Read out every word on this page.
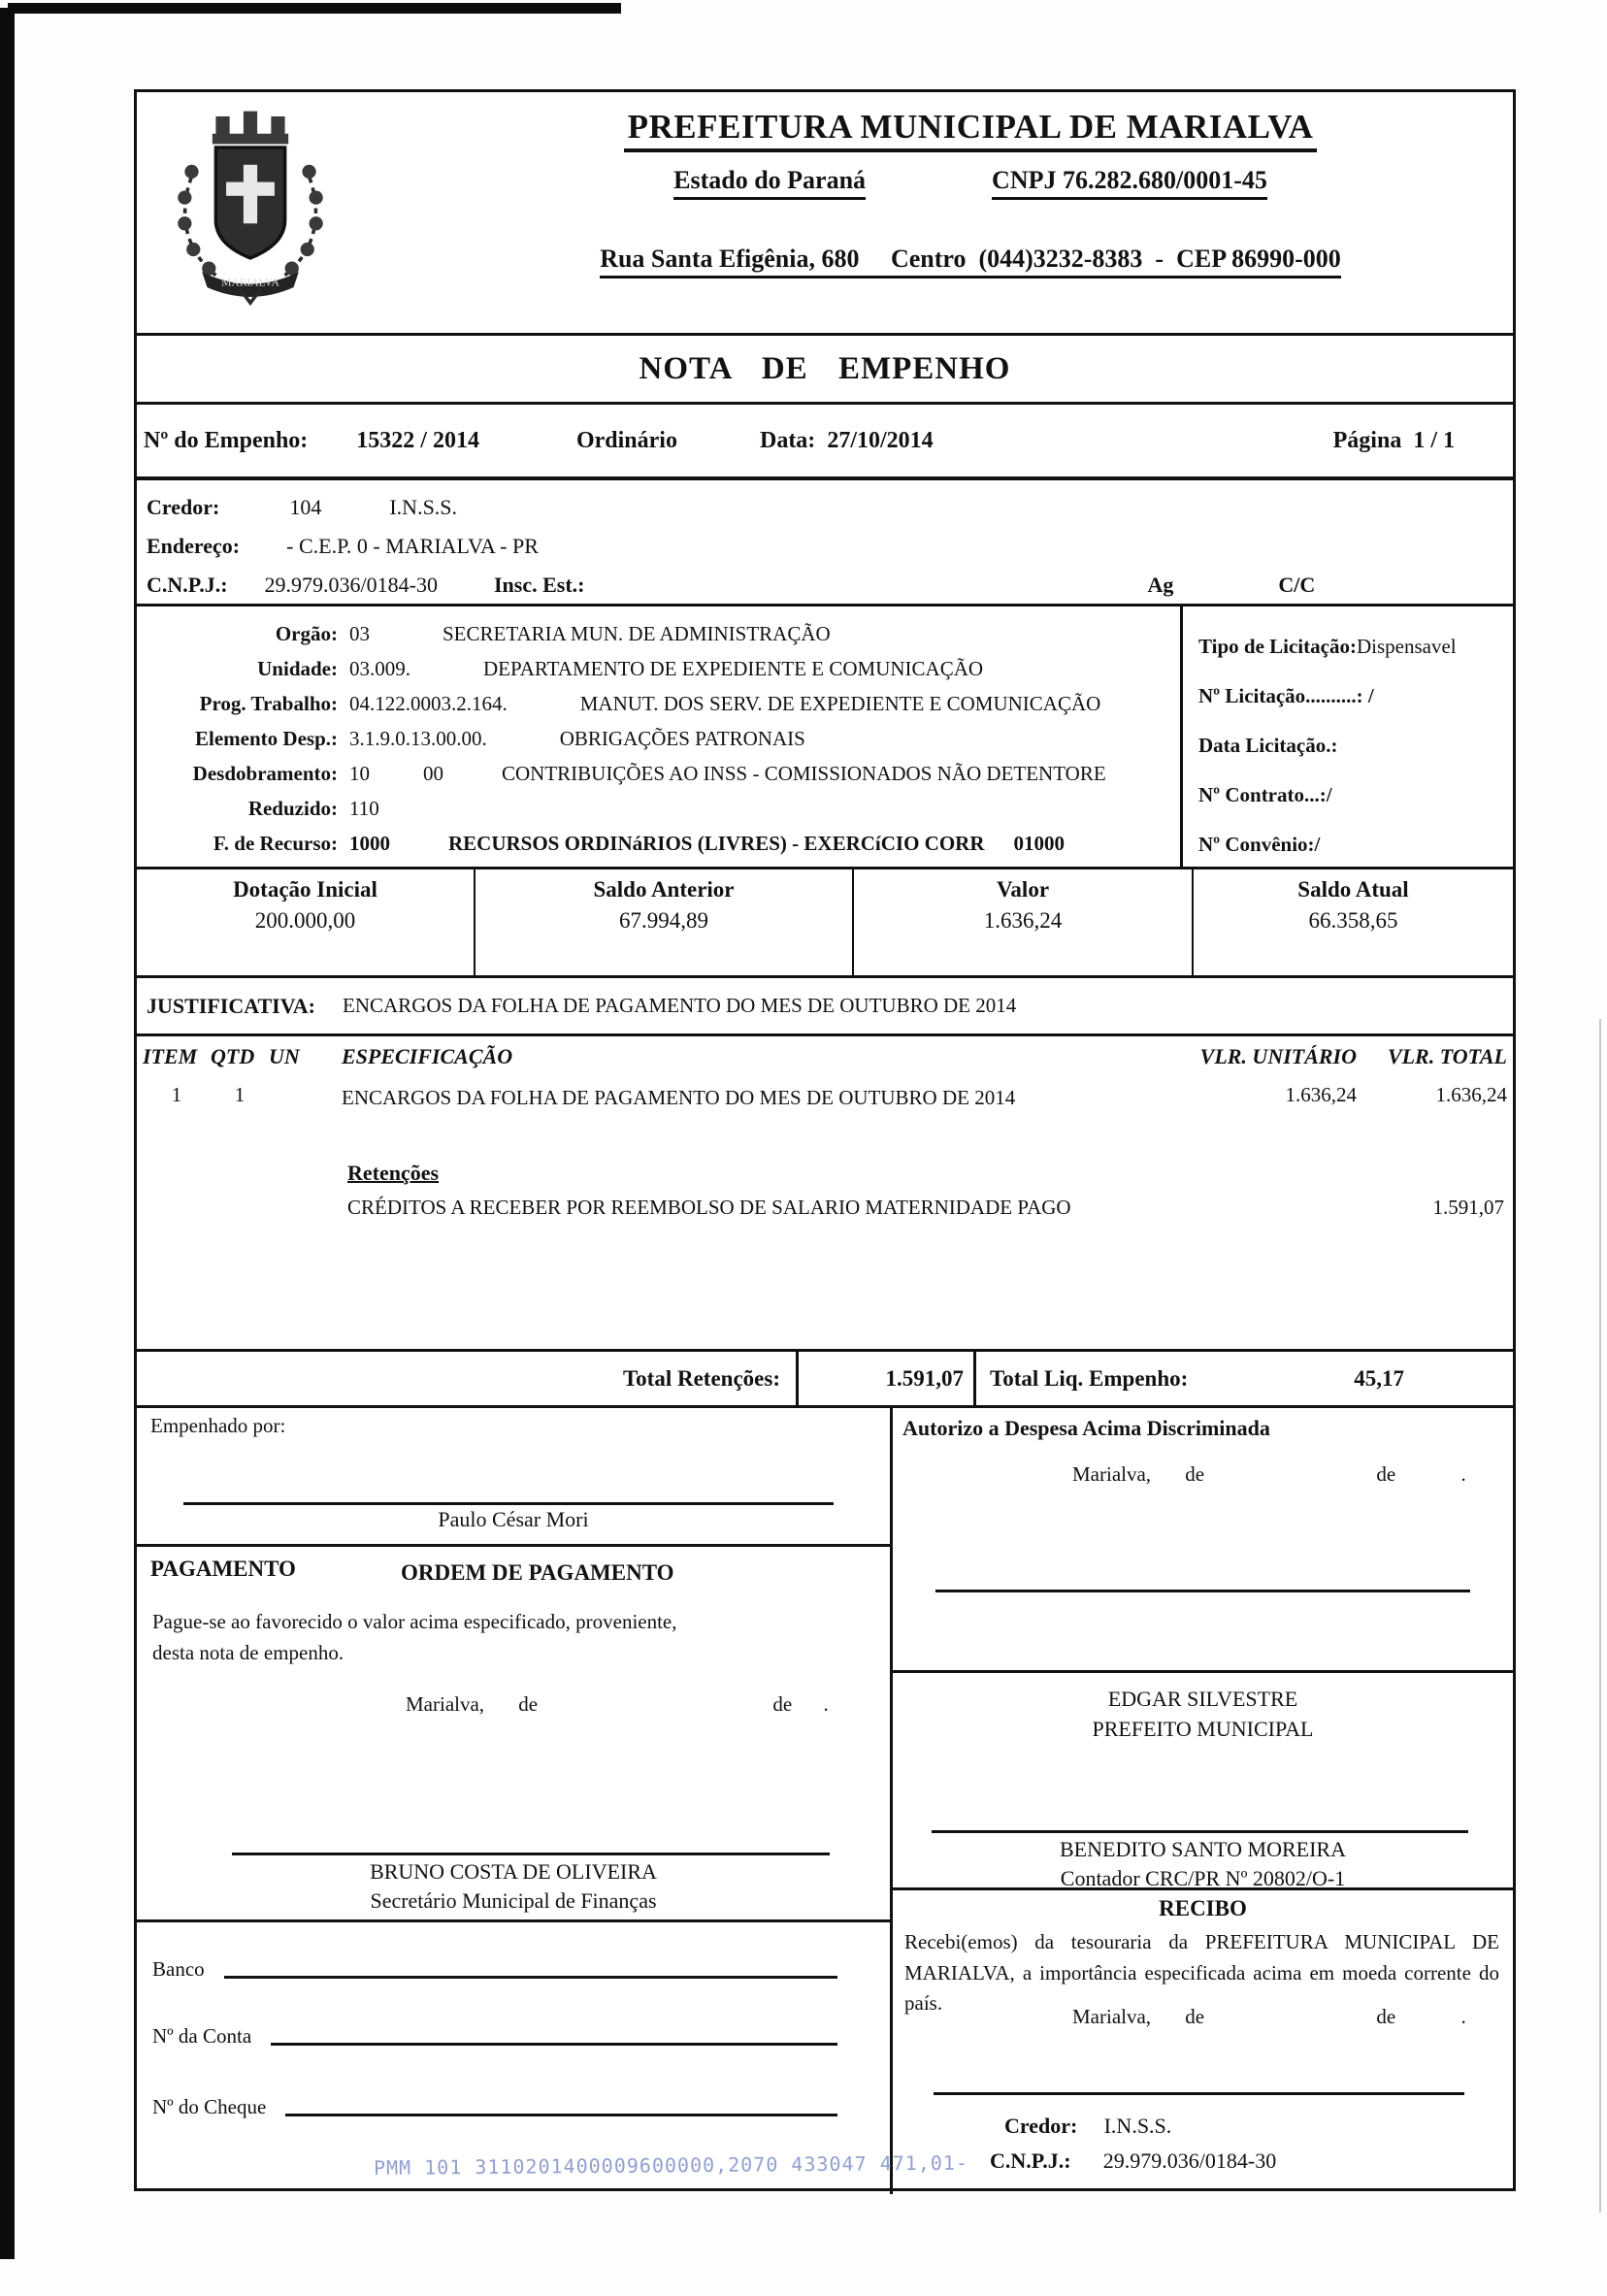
MARIALVA
PREFEITURA MUNICIPAL DE MARIALVA
Estado do Paraná	CNPJ 76.282.680/0001-45
Rua Santa Efigênia, 680     Centro  (044)3232-8383  -  CEP 86990-000
NOTA DE EMPENHO
Nº do Empenho: 15322 / 2014	Ordinário	Data: 27/10/2014	Página 1 / 1
Credor:	104	I.N.S.S.
Endereço: - C.E.P. 0 - MARIALVA - PR
C.N.P.J.: 29.979.036/0184-30	Insc. Est.:	Ag	C/C
Orgão: 03	SECRETARIA MUN. DE ADMINISTRAÇÃO
Unidade: 03.009.	DEPARTAMENTO DE EXPEDIENTE E COMUNICAÇÃO
Prog. Trabalho: 04.122.0003.2.164.	MANUT. DOS SERV. DE EXPEDIENTE E COMUNICAÇÃO
Elemento Desp.: 3.1.9.0.13.00.00.	OBRIGAÇÕES PATRONAIS
Desdobramento: 10	00	CONTRIBUIÇÕES AO INSS - COMISSIONADOS NÃO DETENTORE
Reduzido: 110
F. de Recurso: 1000	RECURSOS ORDINáRIOS (LIVRES) - EXERCíCIO CORR 01000
Tipo de Licitação:Dispensavel
Nº Licitação..........: /
Data Licitação.:
Nº Contrato...:/
Nº Convênio:/
Dotação Inicial
200.000,00
Saldo Anterior
67.994,89
Valor
1.636,24
Saldo Atual
66.358,65
JUSTIFICATIVA: ENCARGOS DA FOLHA DE PAGAMENTO DO MES DE OUTUBRO DE 2014
ITEM QTD UN	ESPECIFICAÇÃO	VLR. UNITÁRIO	VLR. TOTAL
1	1	ENCARGOS DA FOLHA DE PAGAMENTO DO MES DE OUTUBRO DE 2014	1.636,24	1.636,24
Retenções
CRÉDITOS A RECEBER POR REEMBOLSO DE SALARIO MATERNIDADE PAGO	1.591,07
Total Retenções:	1.591,07	Total Liq. Empenho:	45,17
Empenhado por:
Paulo César Mori
PAGAMENTO	ORDEM DE PAGAMENTO
Pague-se ao favorecido o valor acima especificado, proveniente, desta nota de empenho.
Marialva, de	de .
BRUNO COSTA DE OLIVEIRA
Secretário Municipal de Finanças
Banco
Nº da Conta
Nº do Cheque
Autorizo a Despesa Acima Discriminada
Marialva, de	de	.
EDGAR SILVESTRE
PREFEITO MUNICIPAL
BENEDITO SANTO MOREIRA
Contador CRC/PR Nº 20802/O-1
RECIBO
Recebi(emos) da tesouraria da PREFEITURA MUNICIPAL DE MARIALVA, a importância especificada acima em moeda corrente do país.
Marialva, de	de	.
Credor: I.N.S.S.
C.N.P.J.: 29.979.036/0184-30
PMM 101 3110201400009600000,2070 433047 471,01-
